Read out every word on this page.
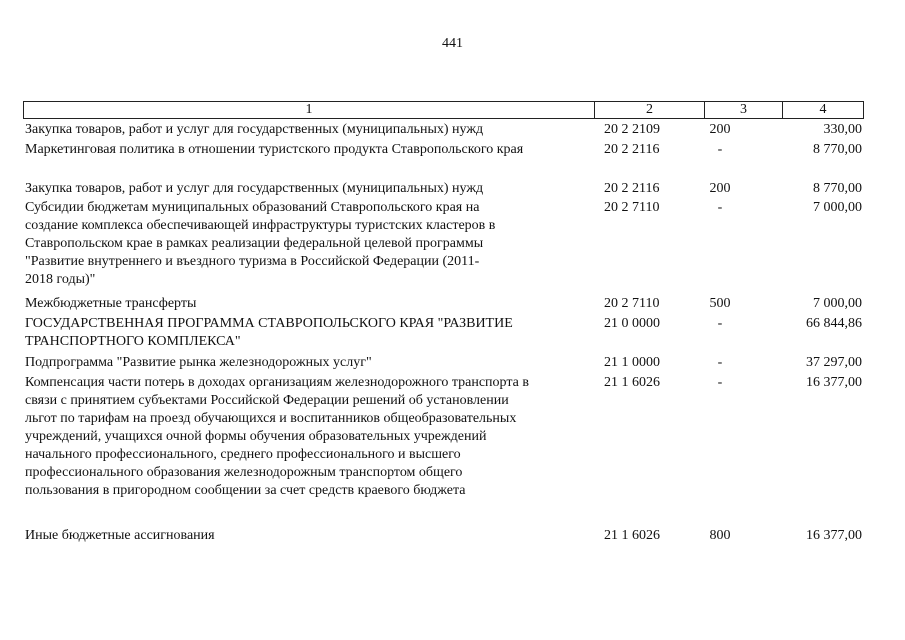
441
1	2	3	4
Закупка товаров, работ и услуг для государственных (муниципальных) нужд	20 2 2109	200	330,00
Маркетинговая политика в отношении туристского продукта Ставропольского края	20 2 2116	-	8 770,00
Закупка товаров, работ и услуг для государственных (муниципальных) нужд	20 2 2116	200	8 770,00
Субсидии бюджетам муниципальных образований Ставропольского края на
создание комплекса обеспечивающей инфраструктуры туристских кластеров в
Ставропольском крае в рамках реализации федеральной целевой программы
"Развитие внутреннего и въездного туризма в Российской Федерации (2011-
2018 годы)"
20 2 7110	-	7 000,00
Межбюджетные трансферты	20 2 7110	500	7 000,00
ГОСУДАРСТВЕННАЯ ПРОГРАММА СТАВРОПОЛЬСКОГО КРАЯ "РАЗВИТИЕ
ТРАНСПОРТНОГО КОМПЛЕКСА"
21 0 0000	-	66 844,86
Подпрограмма "Развитие рынка железнодорожных услуг"	21 1 0000	-	37 297,00
Компенсация части потерь в доходах организациям железнодорожного транспорта в
связи с принятием субъектами Российской Федерации решений об установлении
льгот по тарифам на проезд обучающихся и воспитанников общеобразовательных
учреждений, учащихся очной формы обучения образовательных учреждений
начального профессионального, среднего профессионального и высшего
профессионального образования железнодорожным транспортом общего
пользования в пригородном сообщении за счет средств краевого бюджета
21 1 6026	-	16 377,00
Иные бюджетные ассигнования	21 1 6026	800	16 377,00
